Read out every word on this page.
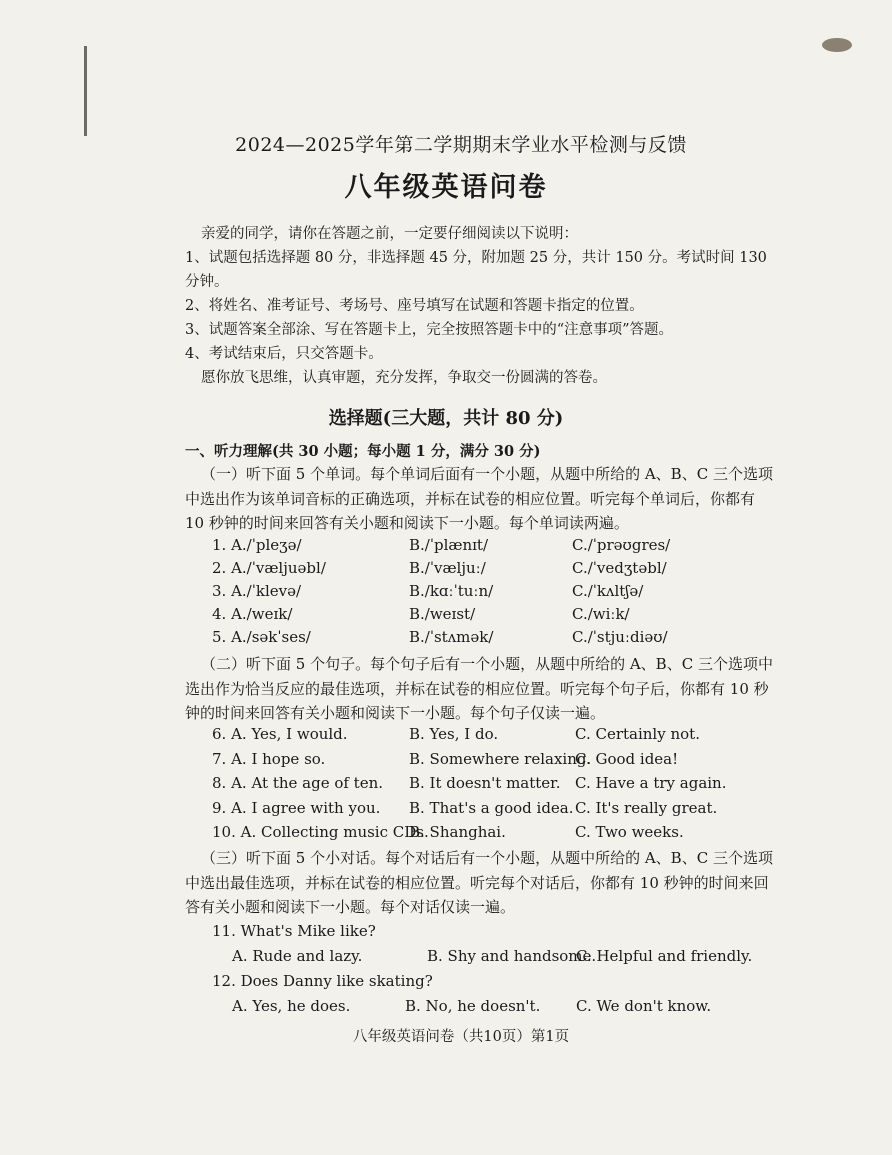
2024—2025学年第二学期期末学业水平检测与反馈
八年级英语问卷
亲爱的同学，请你在答题之前，一定要仔细阅读以下说明：
1、试题包括选择题 80 分，非选择题 45 分，附加题 25 分，共计 150 分。考试时间 130
分钟。
2、将姓名、准考证号、考场号、座号填写在试题和答题卡指定的位置。
3、试题答案全部涂、写在答题卡上，完全按照答题卡中的“注意事项”答题。
4、考试结束后，只交答题卡。
愿你放飞思维，认真审题，充分发挥，争取交一份圆满的答卷。
选择题(三大题，共计 80 分)
一、听力理解(共 30 小题；每小题 1 分，满分 30 分)
（一）听下面 5 个单词。每个单词后面有一个小题，从题中所给的 A、B、C 三个选项
中选出作为该单词音标的正确选项，并标在试卷的相应位置。听完每个单词后，你都有
10 秒钟的时间来回答有关小题和阅读下一小题。每个单词读两遍。
1. A./ˈpleʒə/	B./ˈplænɪt/	C./ˈprəʊgres/
2. A./ˈvæljuəbl/	B./ˈvæljuː/	C./ˈvedʒtəbl/
3. A./ˈklevə/	B./kɑːˈtuːn/	C./ˈkʌltʃə/
4. A./weɪk/	B./weɪst/	C./wiːk/
5. A./səkˈses/	B./ˈstʌmək/	C./ˈstjuːdiəʊ/
（二）听下面 5 个句子。每个句子后有一个小题，从题中所给的 A、B、C 三个选项中
选出作为恰当反应的最佳选项，并标在试卷的相应位置。听完每个句子后，你都有 10 秒
钟的时间来回答有关小题和阅读下一小题。每个句子仅读一遍。
6. A. Yes, I would.	B. Yes, I do.	C. Certainly not.
7. A. I hope so.	B. Somewhere relaxing.
C. Good idea!
8. A. At the age of ten. B. It doesn't matter. C. Have a try again.
9. A. I agree with you. B. That's a good idea. C. It's really great.
10. A. Collecting music CDs.
B. Shanghai.	C. Two weeks.
（三）听下面 5 个小对话。每个对话后有一个小题，从题中所给的 A、B、C 三个选项
中选出最佳选项，并标在试卷的相应位置。听完每个对话后，你都有 10 秒钟的时间来回
答有关小题和阅读下一小题。每个对话仅读一遍。
11. What's Mike like?
A. Rude and lazy.	B. Shy and handsome.
C. Helpful and friendly.
12. Does Danny like skating?
A. Yes, he does.	B. No, he doesn't. C. We don't know.
八年级英语问卷（共10页）第1页
